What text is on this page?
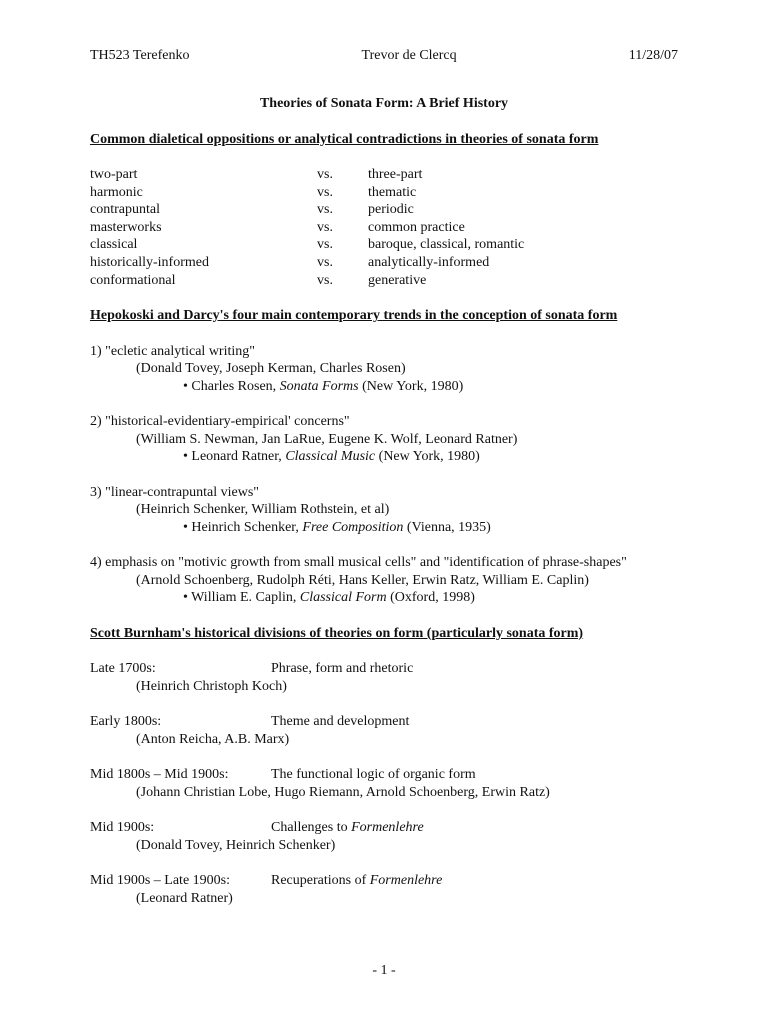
TH523 Terefenko	Trevor de Clercq	11/28/07
Theories of Sonata Form: A Brief History
Common dialetical oppositions or analytical contradictions in theories of sonata form
two-part	vs.	three-part
harmonic	vs.	thematic
contrapuntal	vs.	periodic
masterworks	vs.	common practice
classical	vs.	baroque, classical, romantic
historically-informed	vs.	analytically-informed
conformational	vs.	generative
Hepokoski and Darcy's four main contemporary trends in the conception of sonata form
1) "ecletic analytical writing"
(Donald Tovey, Joseph Kerman, Charles Rosen)
• Charles Rosen, Sonata Forms (New York, 1980)
2) "historical-evidentiary-empirical' concerns"
(William S. Newman, Jan LaRue, Eugene K. Wolf, Leonard Ratner)
• Leonard Ratner, Classical Music (New York, 1980)
3) "linear-contrapuntal views"
(Heinrich Schenker, William Rothstein, et al)
• Heinrich Schenker, Free Composition (Vienna, 1935)
4) emphasis on "motivic growth from small musical cells" and "identification of phrase-shapes"
(Arnold Schoenberg, Rudolph Réti, Hans Keller, Erwin Ratz, William E. Caplin)
• William E. Caplin, Classical Form (Oxford, 1998)
Scott Burnham's historical divisions of theories on form (particularly sonata form)
Late 1700s:	Phrase, form and rhetoric
(Heinrich Christoph Koch)
Early 1800s:	Theme and development
(Anton Reicha, A.B. Marx)
Mid 1800s – Mid 1900s:	The functional logic of organic form
(Johann Christian Lobe, Hugo Riemann, Arnold Schoenberg, Erwin Ratz)
Mid 1900s:	Challenges to Formenlehre
(Donald Tovey, Heinrich Schenker)
Mid 1900s – Late 1900s:	Recuperations of Formenlehre
(Leonard Ratner)
- 1 -
